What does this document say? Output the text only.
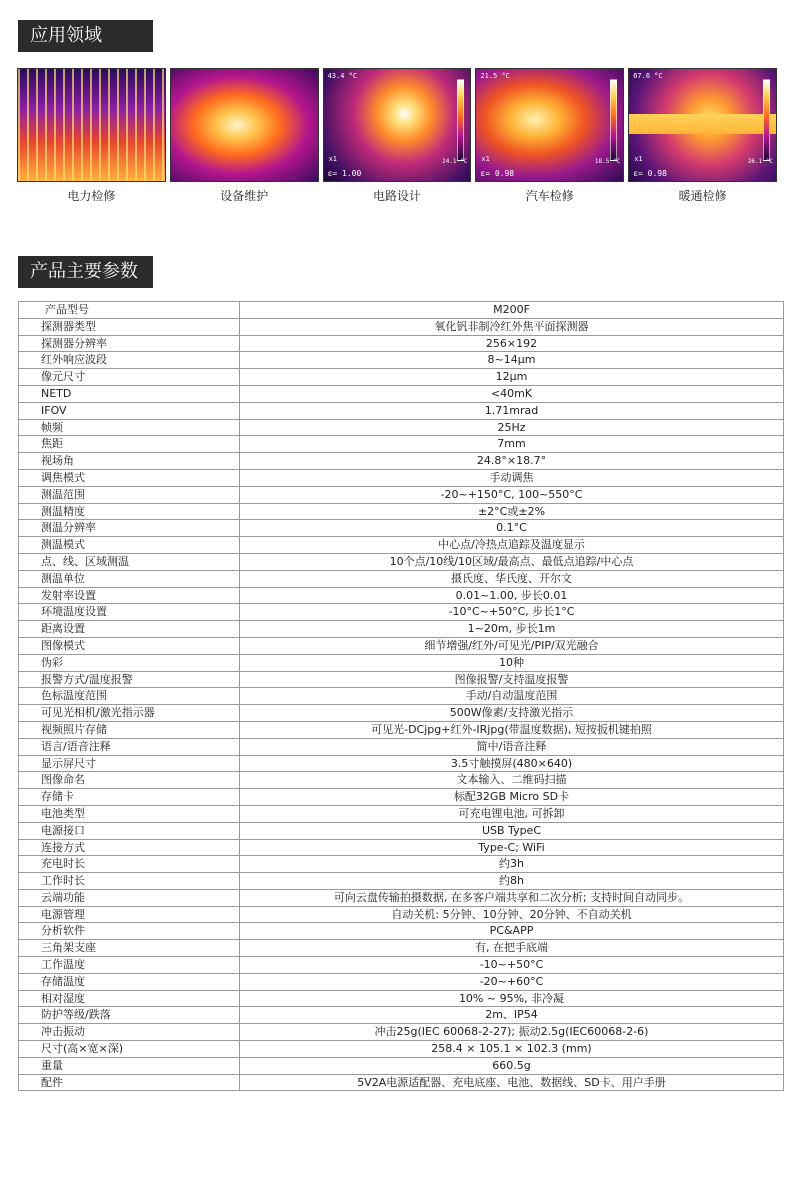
应用领域
43.4 °C
24.1 °C
x1
ε= 1.00
21.5 °C
18.5 °C
x1
ε= 0.98
67.6 °C
26.1 °C
x1
ε= 0.98
电力检修	设备维护	电路设计	汽车检修	暖通检修
产品主要参数
产品型号	M200F
探测器类型	氧化钒非制冷红外焦平面探测器
探测器分辨率	256×192
红外响应波段	8~14μm
像元尺寸	12μm
NETD	<40mK
IFOV	1.71mrad
帧频	25Hz
焦距	7mm
视场角	24.8°×18.7°
调焦模式	手动调焦
测温范围	-20~+150°C, 100~550°C
测温精度	±2°C或±2%
测温分辨率	0.1°C
测温模式	中心点/冷热点追踪及温度显示
点、线、区域测温	10个点/10线/10区域/最高点、最低点追踪/中心点
测温单位	摄氏度、华氏度、开尔文
发射率设置	0.01~1.00, 步长0.01
环境温度设置	-10°C~+50°C, 步长1°C
距离设置	1~20m, 步长1m
图像模式	细节增强/红外/可见光/PIP/双光融合
伪彩	10种
报警方式/温度报警	图像报警/支持温度报警
色标温度范围	手动/自动温度范围
可见光相机/激光指示器	500W像素/支持激光指示
视频照片存储	可见光-DCjpg+红外-IRjpg(带温度数据), 短按扳机键拍照
语言/语音注释	简中/语音注释
显示屏尺寸	3.5寸触摸屏(480×640)
图像命名	文本输入、二维码扫描
存储卡	标配32GB Micro SD卡
电池类型	可充电锂电池, 可拆卸
电源接口	USB TypeC
连接方式	Type-C; WiFi
充电时长	约3h
工作时长	约8h
云端功能	可向云盘传输拍摄数据, 在多客户端共享和二次分析; 支持时间自动同步。
电源管理	自动关机: 5分钟、10分钟、20分钟、不自动关机
分析软件	PC&APP
三角架支座	有, 在把手底端
工作温度	-10~+50°C
存储温度	-20~+60°C
相对湿度	10% ~ 95%, 非冷凝
防护等级/跌落	2m、IP54
冲击振动	冲击25g(IEC 60068-2-27); 振动2.5g(IEC60068-2-6)
尺寸(高×宽×深)	258.4 × 105.1 × 102.3 (mm)
重量	660.5g
配件	5V2A电源适配器、充电底座、电池、数据线、SD卡、用户手册
